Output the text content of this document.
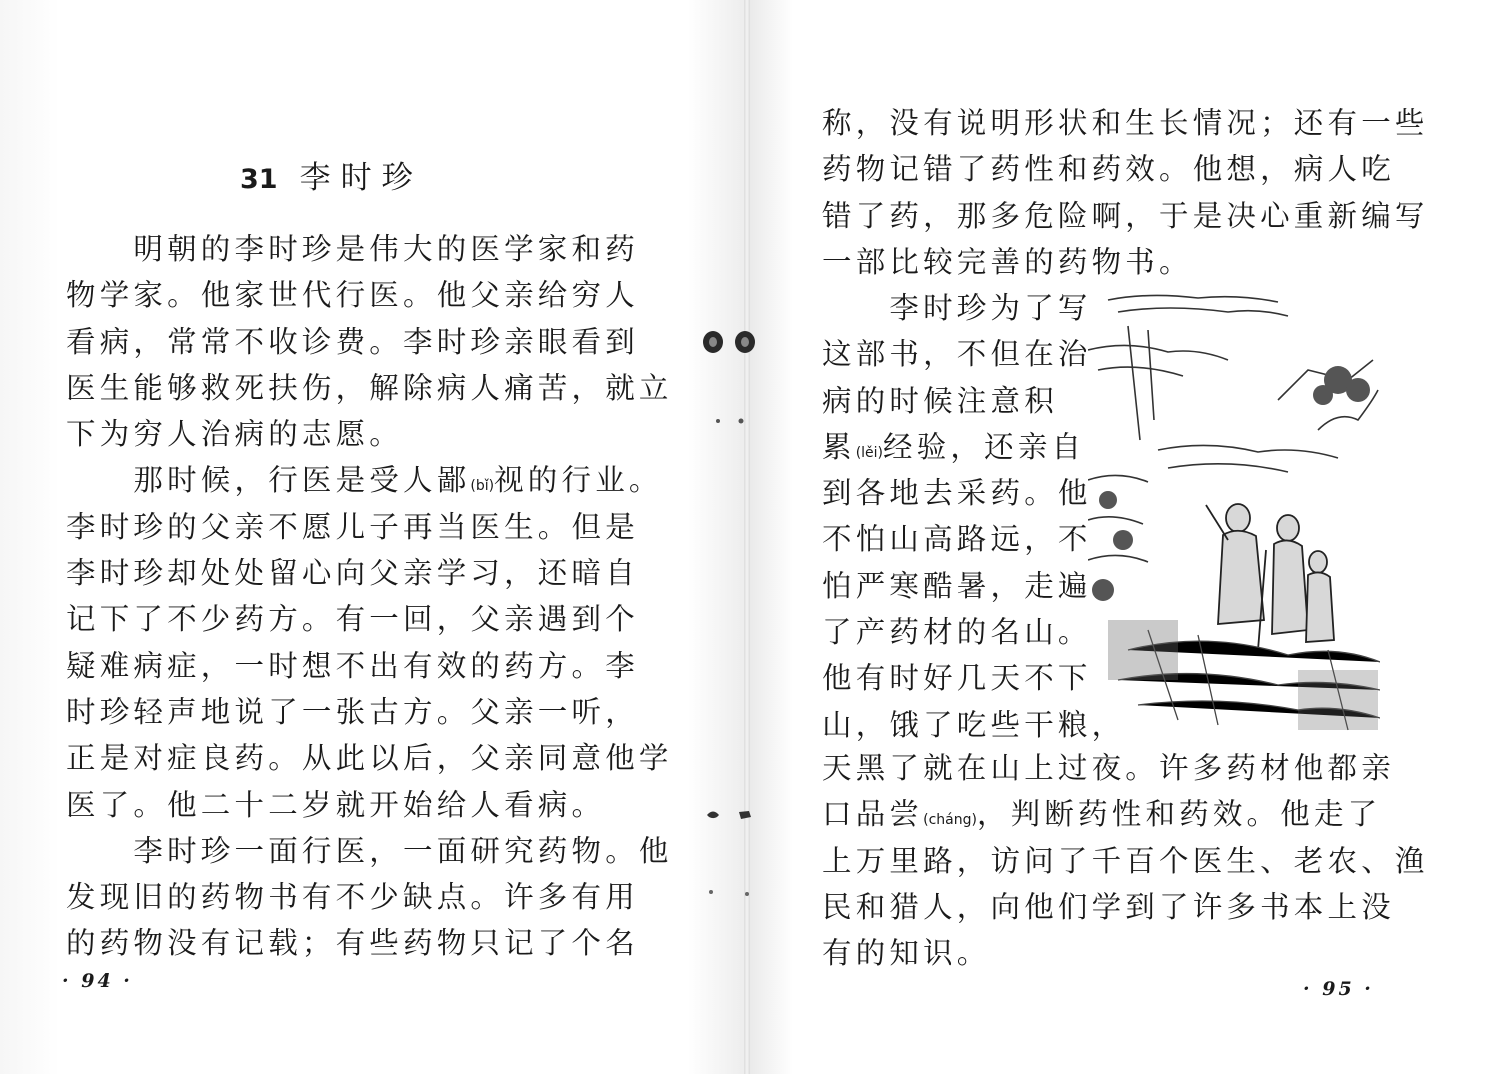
31 李时珍
　　明朝的李时珍是伟大的医学家和药
物学家。他家世代行医。他父亲给穷人
看病，常常不收诊费。李时珍亲眼看到
医生能够救死扶伤，解除病人痛苦，就立
下为穷人治病的志愿。
　　那时候，行医是受人鄙(bǐ)视的行业。
李时珍的父亲不愿儿子再当医生。但是
李时珍却处处留心向父亲学习，还暗自
记下了不少药方。有一回，父亲遇到个
疑难病症，一时想不出有效的药方。李
时珍轻声地说了一张古方。父亲一听，
正是对症良药。从此以后，父亲同意他学
医了。他二十二岁就开始给人看病。
　　李时珍一面行医，一面研究药物。他
发现旧的药物书有不少缺点。许多有用
的药物没有记载；有些药物只记了个名
· 94 ·
称，没有说明形状和生长情况；还有一些
药物记错了药性和药效。他想，病人吃
错了药，那多危险啊，于是决心重新编写
一部比较完善的药物书。
　　李时珍为了写
这部书，不但在治
病的时候注意积
累(lěi)经验，还亲自
到各地去采药。他
不怕山高路远，不
怕严寒酷暑，走遍
了产药材的名山。
他有时好几天不下
山，饿了吃些干粮，
天黑了就在山上过夜。许多药材他都亲
口品尝(cháng)，判断药性和药效。他走了
上万里路，访问了千百个医生、老农、渔
民和猎人，向他们学到了许多书本上没
有的知识。
· 95 ·
